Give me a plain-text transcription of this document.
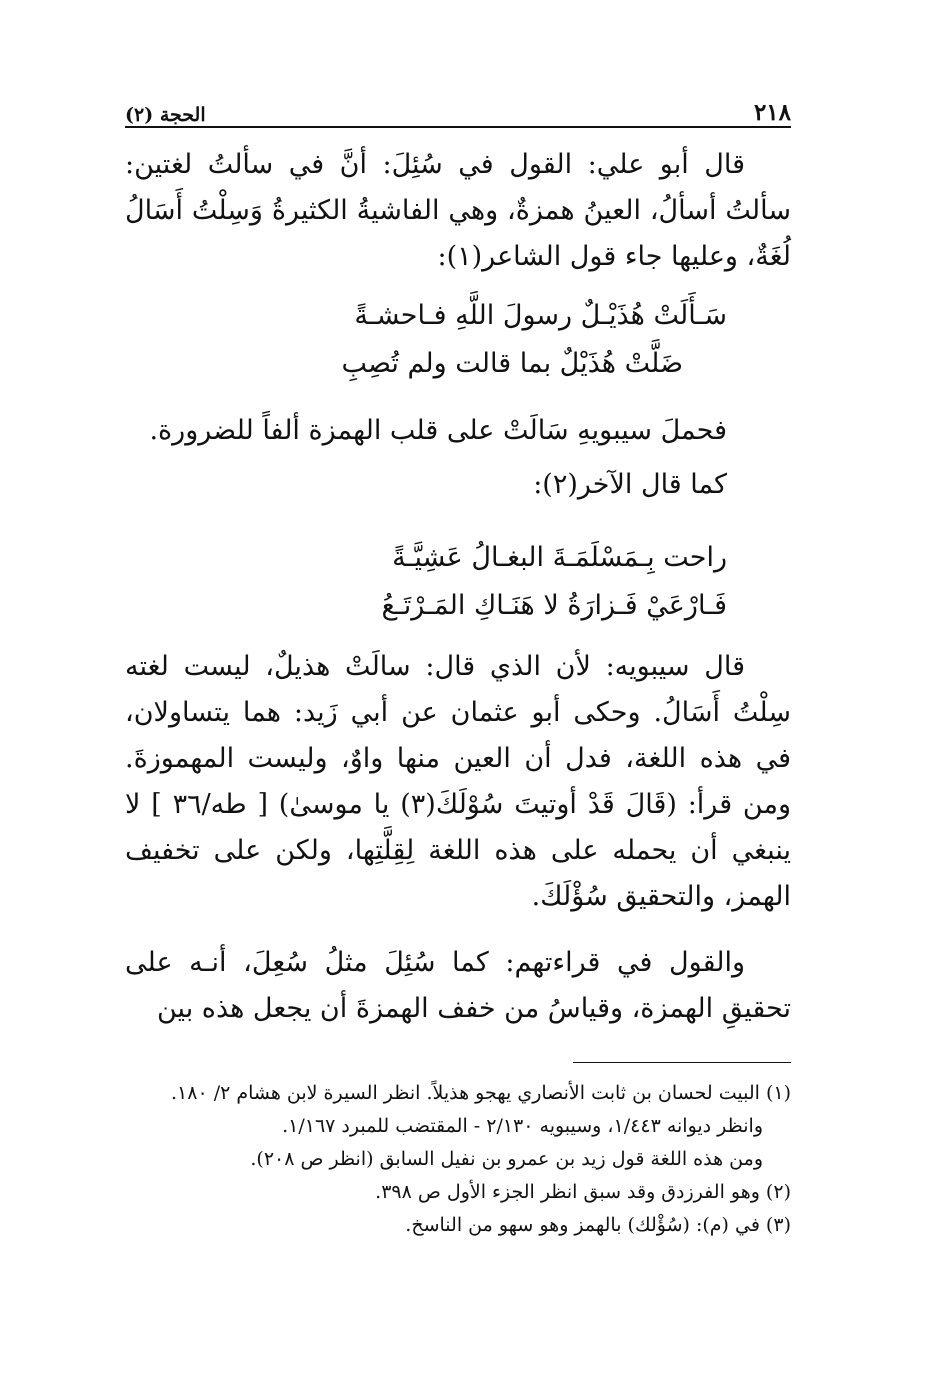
٢١٨
الحجة (٢)

قال أبو علي: القول في سُئِلَ: أنَّ في سألتُ لغتين: سألتُ أسألُ، العينُ همزةٌ، وهي الفاشيةُ الكثيرةُ وَسِلْتُ أَسَالُ لُغَةٌ، وعليها جاء قول الشاعر(١):

سَـأَلَتْ هُذَيْـلٌ رسولَ اللَّهِ فـاحشـةً
ضَلَّتْ هُذَيْلٌ بما قالت ولم تُصِبِ

فحملَ سيبويهِ سَالَتْ على قلب الهمزة ألفاً للضرورة.

كما قال الآخر(٢):

راحت بِـمَسْلَمَـةَ البغـالُ عَشِيَّـةً
فَـارْعَيْ فَـزارَةُ لا هَنَـاكِ المَـرْتَـعُ

قال سيبويه: لأن الذي قال: سالَتْ هذيلٌ، ليست لغته سِلْتُ أَسَالُ. وحكى أبو عثمان عن أبي زَيد: هما يتساولان، في هذه اللغة، فدل أن العين منها واوٌ، وليست المهموزةَ. ومن قرأ: (قَالَ قَدْ أوتيتَ سُوْلَكَ(٣) يا موسىٰ) [ طه/٣٦ ] لا ينبغي أن يحمله على هذه اللغة لِقِلَّتِها، ولكن على تخفيف الهمز، والتحقيق سُؤْلَكَ.

والقول في قراءتهم: كما سُئِلَ مثلُ سُعِلَ، أنـه على تحقيقِ الهمزة، وقياسُ من خفف الهمزةَ أن يجعل هذه بين

(١) البيت لحسان بن ثابت الأنصاري يهجو هذيلاً. انظر السيرة لابن هشام ٢/ ١٨٠.

وانظر ديوانه ١/٤٤٣، وسيبويه ٢/١٣٠ - المقتضب للمبرد ١/١٦٧.

ومن هذه اللغة قول زيد بن عمرو بن نفيل السابق (انظر ص ٢٠٨).

(٢) وهو الفرزدق وقد سبق انظر الجزء الأول ص ٣٩٨.

(٣) في (م): (سُؤْلك) بالهمز وهو سهو من الناسخ.
